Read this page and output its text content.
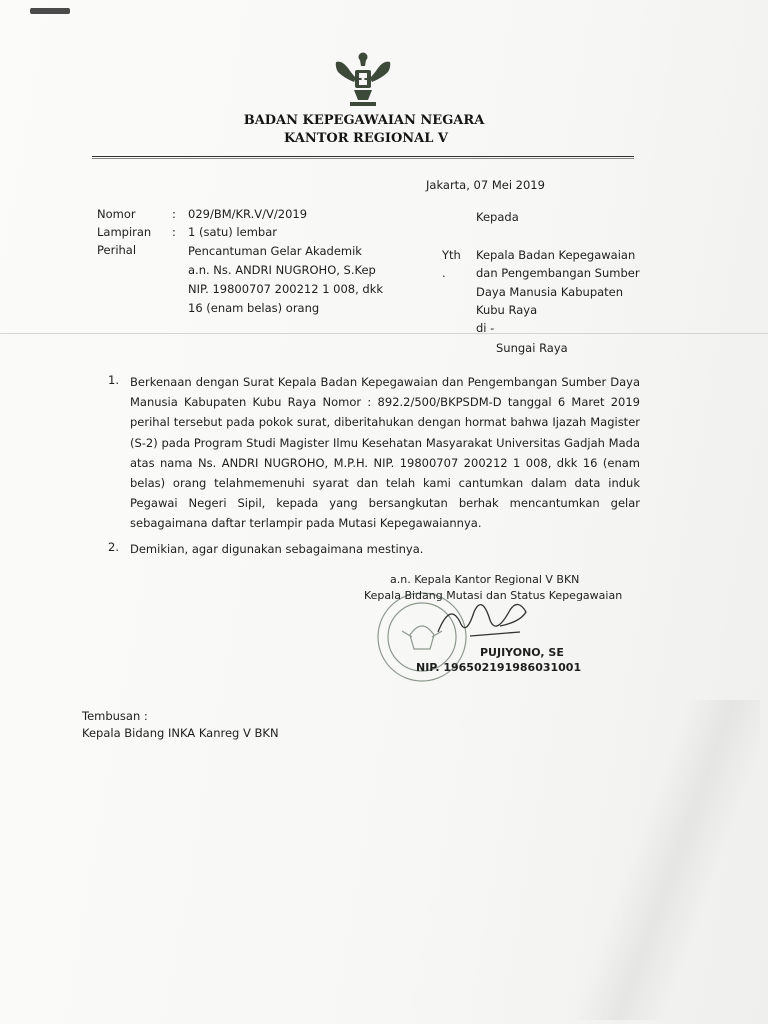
BADAN KEPEGAWAIAN NEGARA
KANTOR REGIONAL V
Jakarta, 07 Mei 2019
Nomor	: 029/BM/KR.V/V/2019
Lampiran : 1 (satu) lembar
Perihal	Pencantuman Gelar Akademik
a.n. Ns. ANDRI NUGROHO, S.Kep
NIP. 19800707 200212 1 008, dkk
16 (enam belas) orang
Kepada
Yth
.
Kepala Badan Kepegawaian
dan Pengembangan Sumber
Daya Manusia Kabupaten
Kubu Raya
di -
Sungai Raya
1. Berkenaan dengan Surat Kepala Badan Kepegawaian dan Pengembangan Sumber Daya Manusia Kabupaten Kubu Raya Nomor : 892.2/500/BKPSDM-D tanggal 6 Maret 2019 perihal tersebut pada pokok surat, diberitahukan dengan hormat bahwa Ijazah Magister (S-2) pada Program Studi Magister Ilmu Kesehatan Masyarakat Universitas Gadjah Mada atas nama Ns. ANDRI NUGROHO, M.P.H. NIP. 19800707 200212 1 008, dkk 16 (enam belas) orang telahmemenuhi syarat dan telah kami cantumkan dalam data induk Pegawai Negeri Sipil, kepada yang bersangkutan berhak mencantumkan gelar sebagaimana daftar terlampir pada Mutasi Kepegawaiannya.
2. Demikian, agar digunakan sebagaimana mestinya.
a.n. Kepala Kantor Regional V BKN
Kepala Bidang Mutasi dan Status Kepegawaian
PUJIYONO, SE
NIP. 196502191986031001
Tembusan :
Kepala Bidang INKA Kanreg V BKN
